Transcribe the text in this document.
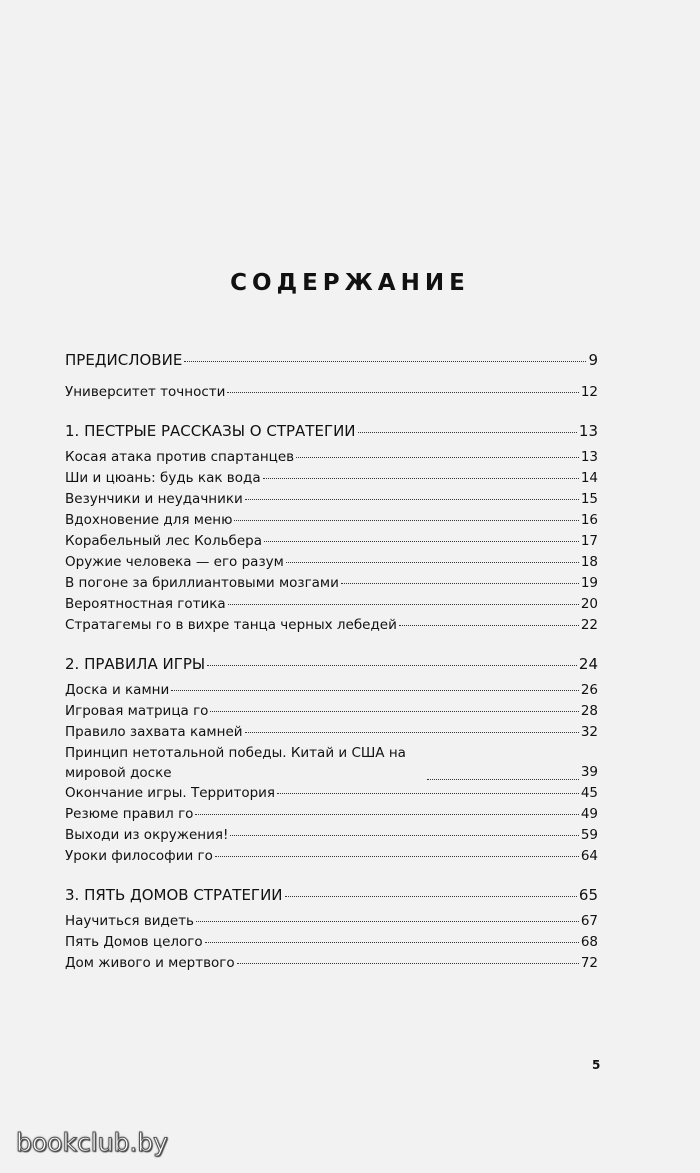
СОДЕРЖАНИЕ
ПРЕДИСЛОВИЕ	9
Университет точности	12
1. ПЕСТРЫЕ РАССКАЗЫ О СТРАТЕГИИ	13
Косая атака против спартанцев	13
Ши и цюань: будь как вода	14
Везунчики и неудачники	15
Вдохновение для меню	16
Корабельный лес Кольбера	17
Оружие человека — его разум	18
В погоне за бриллиантовыми мозгами	19
Вероятностная готика	20
Стратагемы го в вихре танца черных лебедей	22
2. ПРАВИЛА ИГРЫ	24
Доска и камни	26
Игровая матрица го	28
Правило захвата камней	32
Принцип нетотальной победы. Китай и США на мировой доске	39
Окончание игры. Территория	45
Резюме правил го	49
Выходи из окружения!	59
Уроки философии го	64
3. ПЯТЬ ДОМОВ СТРАТЕГИИ	65
Научиться видеть	67
Пять Домов целого	68
Дом живого и мертвого	72
5
bookclub.by
